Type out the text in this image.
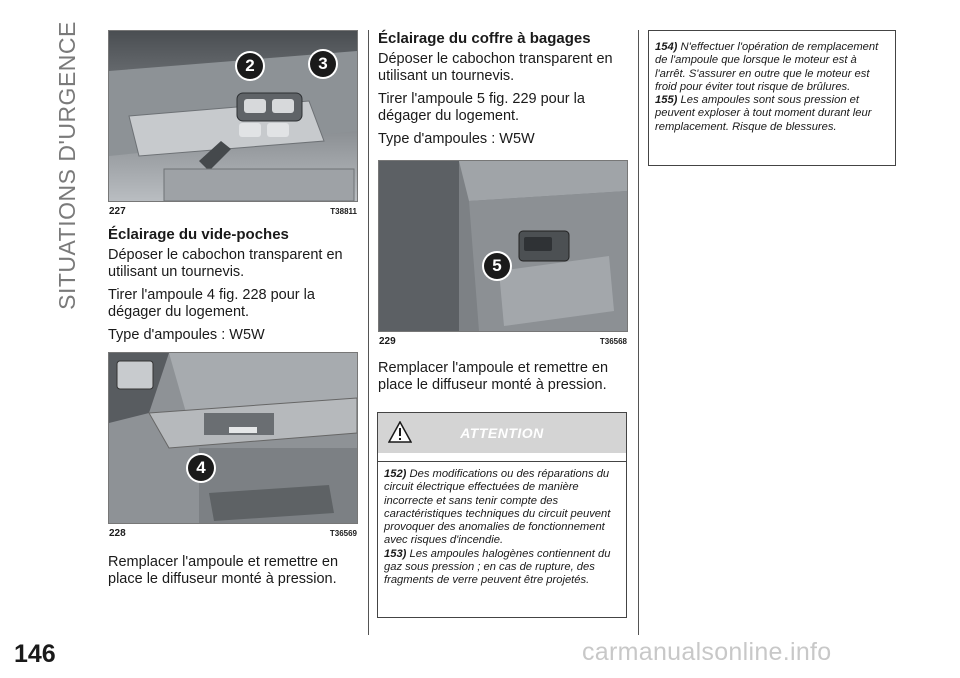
SITUATIONS D'URGENCE
146
2	3
227	T38811
Éclairage du vide-poches

Déposer le cabochon transparent en utilisant un tournevis.

Tirer l'ampoule 4 fig. 228 pour la dégager du logement.

Type d'ampoules : W5W

4
228	T36569

Remplacer l'ampoule et remettre en place le diffuseur monté à pression.

Éclairage du coffre à bagages

Déposer le cabochon transparent en utilisant un tournevis.

Tirer l'ampoule 5 fig. 229 pour la dégager du logement.

Type d'ampoules : W5W

5
229	T36568

Remplacer l'ampoule et remettre en place le diffuseur monté à pression.

ATTENTION

152) Des modifications ou des réparations du circuit électrique effectuées de manière incorrecte et sans tenir compte des caractéristiques techniques du circuit peuvent provoquer des anomalies de fonctionnement avec risques d'incendie.

153) Les ampoules halogènes contiennent du gaz sous pression ; en cas de rupture, des fragments de verre peuvent être projetés.

154) N'effectuer l'opération de remplacement de l'ampoule que lorsque le moteur est à l'arrêt. S'assurer en outre que le moteur est froid pour éviter tout risque de brûlures.

155) Les ampoules sont sous pression et peuvent exploser à tout moment durant leur remplacement. Risque de blessures.

carmanualsonline.info
